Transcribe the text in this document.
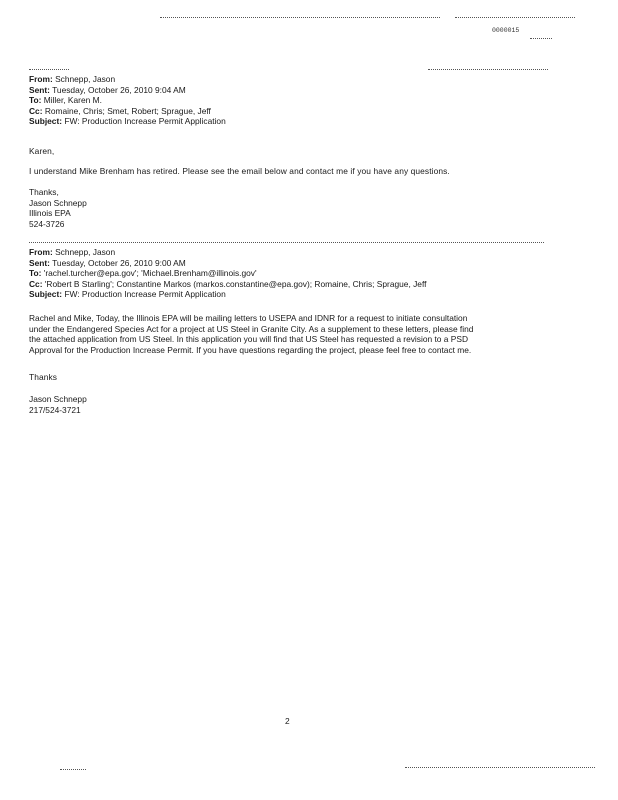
0000015
From: Schnepp, Jason
Sent: Tuesday, October 26, 2010 9:04 AM
To: Miller, Karen M.
Cc: Romaine, Chris; Smet, Robert; Sprague, Jeff
Subject: FW: Production Increase Permit Application
Karen,
I understand Mike Brenham has retired. Please see the email below and contact me if you have any questions.
Thanks,
Jason Schnepp
Illinois EPA
524-3726
From: Schnepp, Jason
Sent: Tuesday, October 26, 2010 9:00 AM
To: 'rachel.turcher@epa.gov'; 'Michael.Brenham@illinois.gov'
Cc: 'Robert B Starling'; Constantine Markos (markos.constantine@epa.gov); Romaine, Chris; Sprague, Jeff
Subject: FW: Production Increase Permit Application
Rachel and Mike, Today, the Illinois EPA will be mailing letters to USEPA and IDNR for a request to initiate consultation
under the Endangered Species Act for a project at US Steel in Granite City. As a supplement to these letters, please find
the attached application from US Steel. In this application you will find that US Steel has requested a revision to a PSD
Approval for the Production Increase Permit. If you have questions regarding the project, please feel free to contact me.
Thanks
Jason Schnepp
217/524-3721
2
